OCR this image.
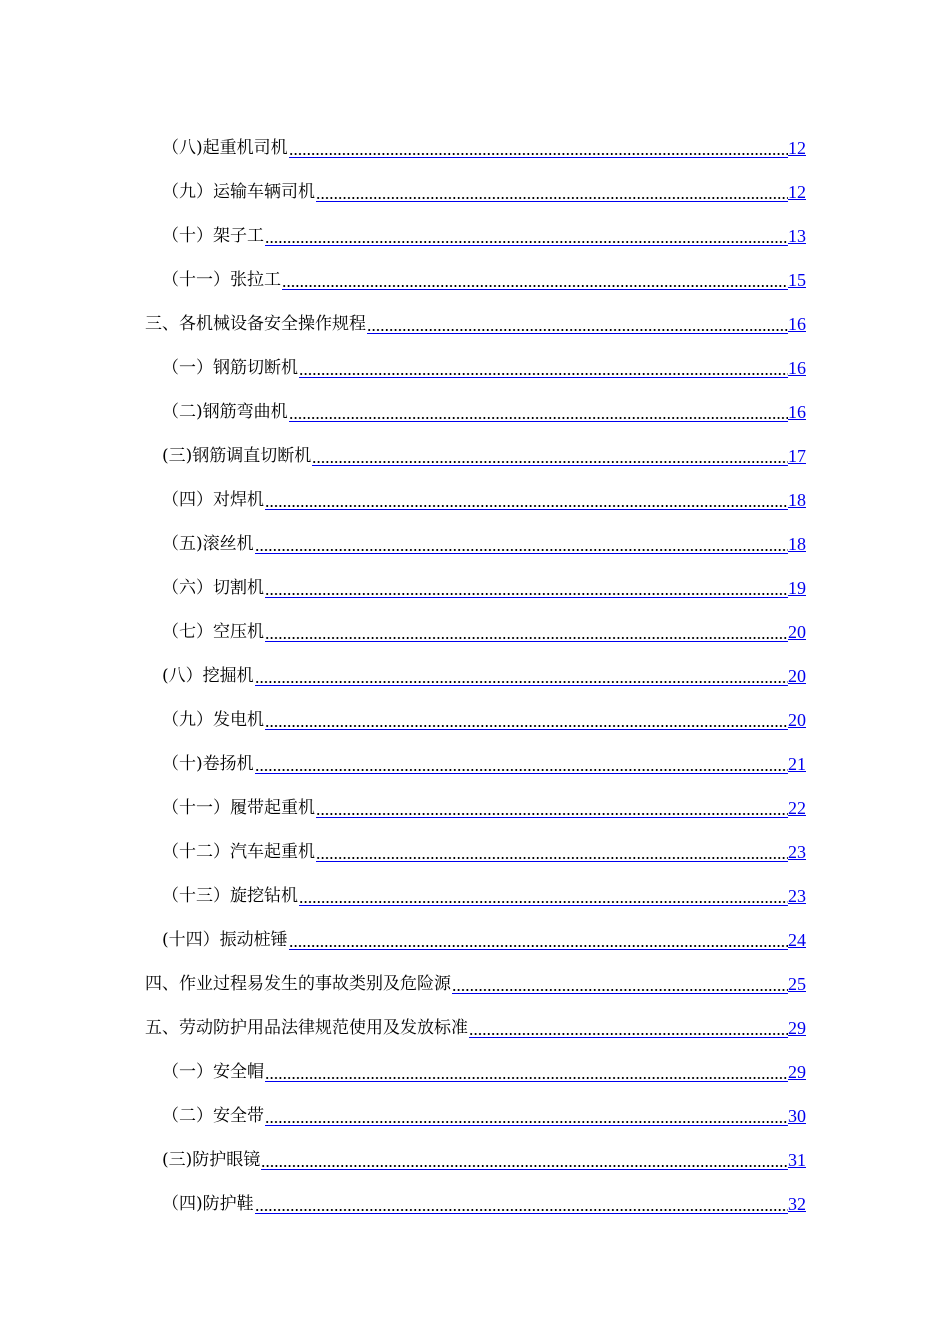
（八)起重机司机	12
（九）运输车辆司机	12
（十）架子工	13
（十一）张拉工	15
三、各机械设备安全操作规程	16
（一）钢筋切断机	16
（二)钢筋弯曲机	16
(三)钢筋调直切断机	17
（四）对焊机	18
（五)滚丝机	18
（六）切割机	19
（七）空压机	20
(八）挖掘机	20
（九）发电机	20
（十)卷扬机	21
（十一）履带起重机	22
（十二）汽车起重机	23
（十三）旋挖钻机	23
(十四）振动桩锤	24
四、作业过程易发生的事故类别及危险源	25
五、劳动防护用品法律规范使用及发放标准	29
（一）安全帽	29
（二）安全带	30
(三)防护眼镜	31
（四)防护鞋	32
